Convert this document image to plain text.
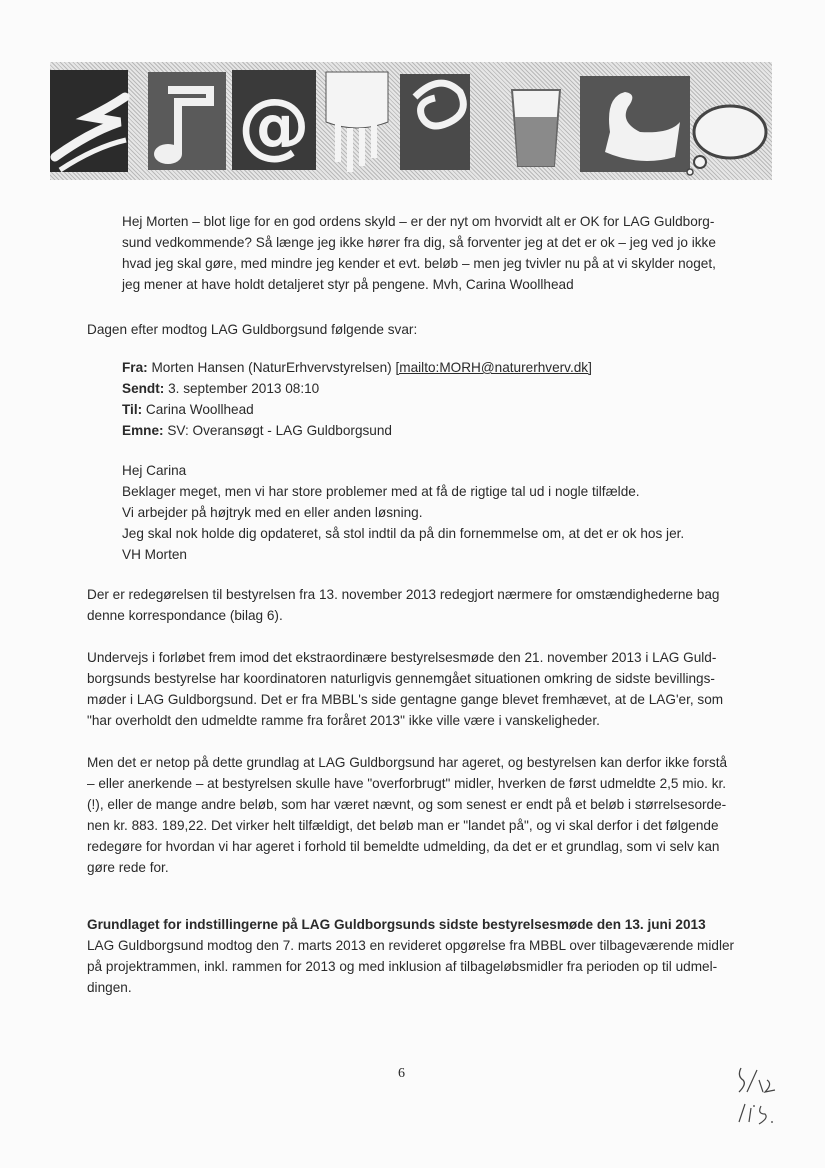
@

Hej Morten – blot lige for en god ordens skyld – er der nyt om hvorvidt alt er OK for LAG Guldborg-

sund vedkommende? Så længe jeg ikke hører fra dig, så forventer jeg at det er ok – jeg ved jo ikke

hvad jeg skal gøre, med mindre jeg kender et evt. beløb – men jeg tvivler nu på at vi skylder noget,

jeg mener at have holdt detaljeret styr på pengene. Mvh, Carina Woollhead

Dagen efter modtog LAG Guldborgsund følgende svar:

Fra: Morten Hansen (NaturErhvervstyrelsen) [mailto:MORH@naturerhverv.dk]

Sendt: 3. september 2013 08:10

Til: Carina Woollhead

Emne: SV: Overansøgt - LAG Guldborgsund

Hej Carina

Beklager meget, men vi har store problemer med at få de rigtige tal ud i nogle tilfælde.

Vi arbejder på højtryk med en eller anden løsning.

Jeg skal nok holde dig opdateret, så stol indtil da på din fornemmelse om, at det er ok hos jer.

VH Morten

Der er redegørelsen til bestyrelsen fra 13. november 2013 redegjort nærmere for omstændighederne bag

denne korrespondance (bilag 6).

Undervejs i forløbet frem imod det ekstraordinære bestyrelsesmøde den 21. november 2013 i LAG Guld-

borgsunds bestyrelse har koordinatoren naturligvis gennemgået situationen omkring de sidste bevillings-

møder i LAG Guldborgsund. Det er fra MBBL's side gentagne gange blevet fremhævet, at de LAG'er, som

"har overholdt den udmeldte ramme fra foråret 2013" ikke ville være i vanskeligheder.

Men det er netop på dette grundlag at LAG Guldborgsund har ageret, og bestyrelsen kan derfor ikke forstå

– eller anerkende – at bestyrelsen skulle have "overforbrugt" midler, hverken de først udmeldte 2,5 mio. kr.

(!), eller de mange andre beløb, som har været nævnt, og som senest er endt på et beløb i størrelsesorde-

nen kr. 883. 189,22. Det virker helt tilfældigt, det beløb man er "landet på", og vi skal derfor i det følgende

redegøre for hvordan vi har ageret i forhold til bemeldte udmelding, da det er et grundlag, som vi selv kan

gøre rede for.

Grundlaget for indstillingerne på LAG Guldborgsunds sidste bestyrelsesmøde den 13. juni 2013

LAG Guldborgsund modtog den 7. marts 2013 en revideret opgørelse fra MBBL over tilbageværende midler

på projektrammen, inkl. rammen for 2013 og med inklusion af tilbageløbsmidler fra perioden op til udmel-

dingen.

6
